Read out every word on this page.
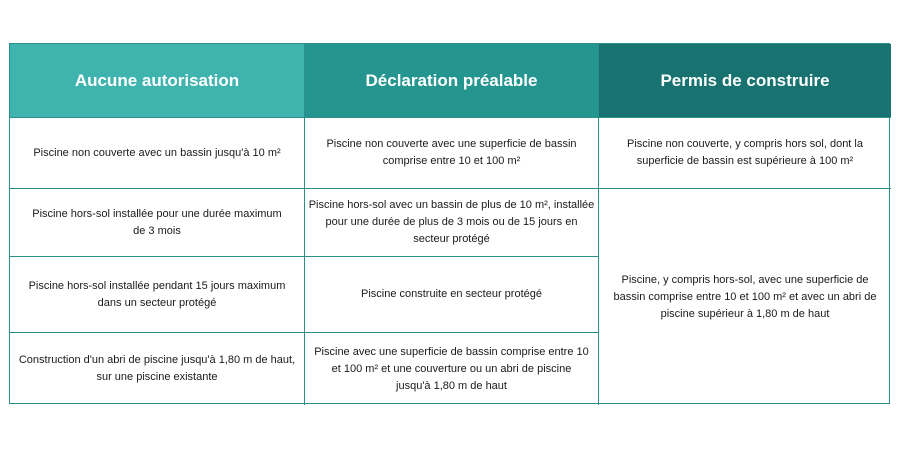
Aucune autorisation	Déclaration préalable	Permis de construire
Piscine non couverte avec un bassin jusqu'à 10 m²
Piscine non couverte avec une superficie de bassin comprise entre 10 et 100 m²
Piscine non couverte, y compris hors sol, dont la superficie de bassin est supérieure à 100 m²
Piscine hors-sol installée pour une durée maximum de 3 mois
Piscine hors-sol avec un bassin de plus de 10 m², installée pour une durée de plus de 3 mois ou de 15 jours en secteur protégé
Piscine hors-sol installée pendant 15 jours maximum dans un secteur protégé
Piscine construite en secteur protégé
Construction d'un abri de piscine jusqu'à 1,80 m de haut, sur une piscine existante
Piscine avec une superficie de bassin comprise entre 10 et 100 m² et une couverture ou un abri de piscine jusqu'à 1,80 m de haut
Piscine, y compris hors-sol, avec une superficie de bassin comprise entre 10 et 100 m² et avec un abri de piscine supérieur à 1,80 m de haut
